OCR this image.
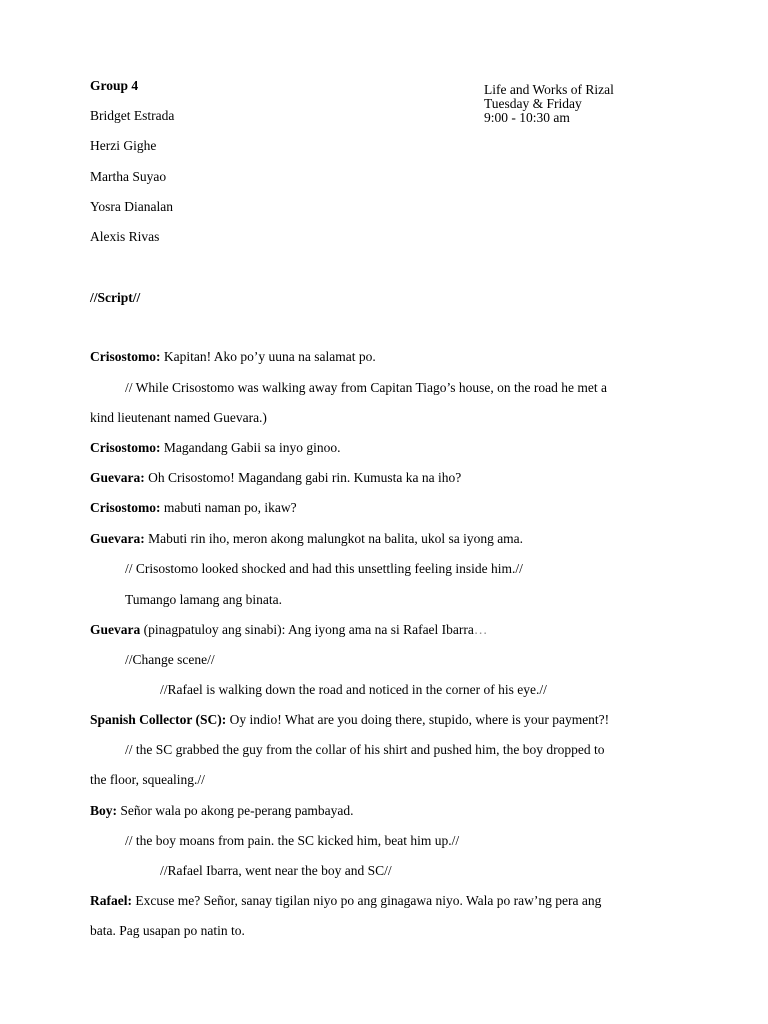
Group 4
Bridget Estrada
Herzi Gighe
Martha Suyao
Yosra Dianalan
Alexis Rivas
Life and Works of Rizal
Tuesday & Friday
9:00 - 10:30 am
//Script//
Crisostomo: Kapitan! Ako po’y uuna na salamat po.
// While Crisostomo was walking away from Capitan Tiago’s house, on the road he met a
kind lieutenant named Guevara.)
Crisostomo: Magandang Gabii sa inyo ginoo.
Guevara: Oh Crisostomo! Magandang gabi rin. Kumusta ka na iho?
Crisostomo: mabuti naman po, ikaw?
Guevara: Mabuti rin iho, meron akong malungkot na balita, ukol sa iyong ama.
// Crisostomo looked shocked and had this unsettling feeling inside him.//
Tumango lamang ang binata.
Guevara (pinagpatuloy ang sinabi): Ang iyong ama na si Rafael Ibarra…
//Change scene//
//Rafael is walking down the road and noticed in the corner of his eye.//
Spanish Collector (SC): Oy indio! What are you doing there, stupido, where is your payment?!
// the SC grabbed the guy from the collar of his shirt and pushed him, the boy dropped to
the floor, squealing.//
Boy: Señor wala po akong pe-perang pambayad.
// the boy moans from pain. the SC kicked him, beat him up.//
//Rafael Ibarra, went near the boy and SC//
Rafael: Excuse me? Señor, sanay tigilan niyo po ang ginagawa niyo. Wala po raw’ng pera ang
bata. Pag usapan po natin to.
